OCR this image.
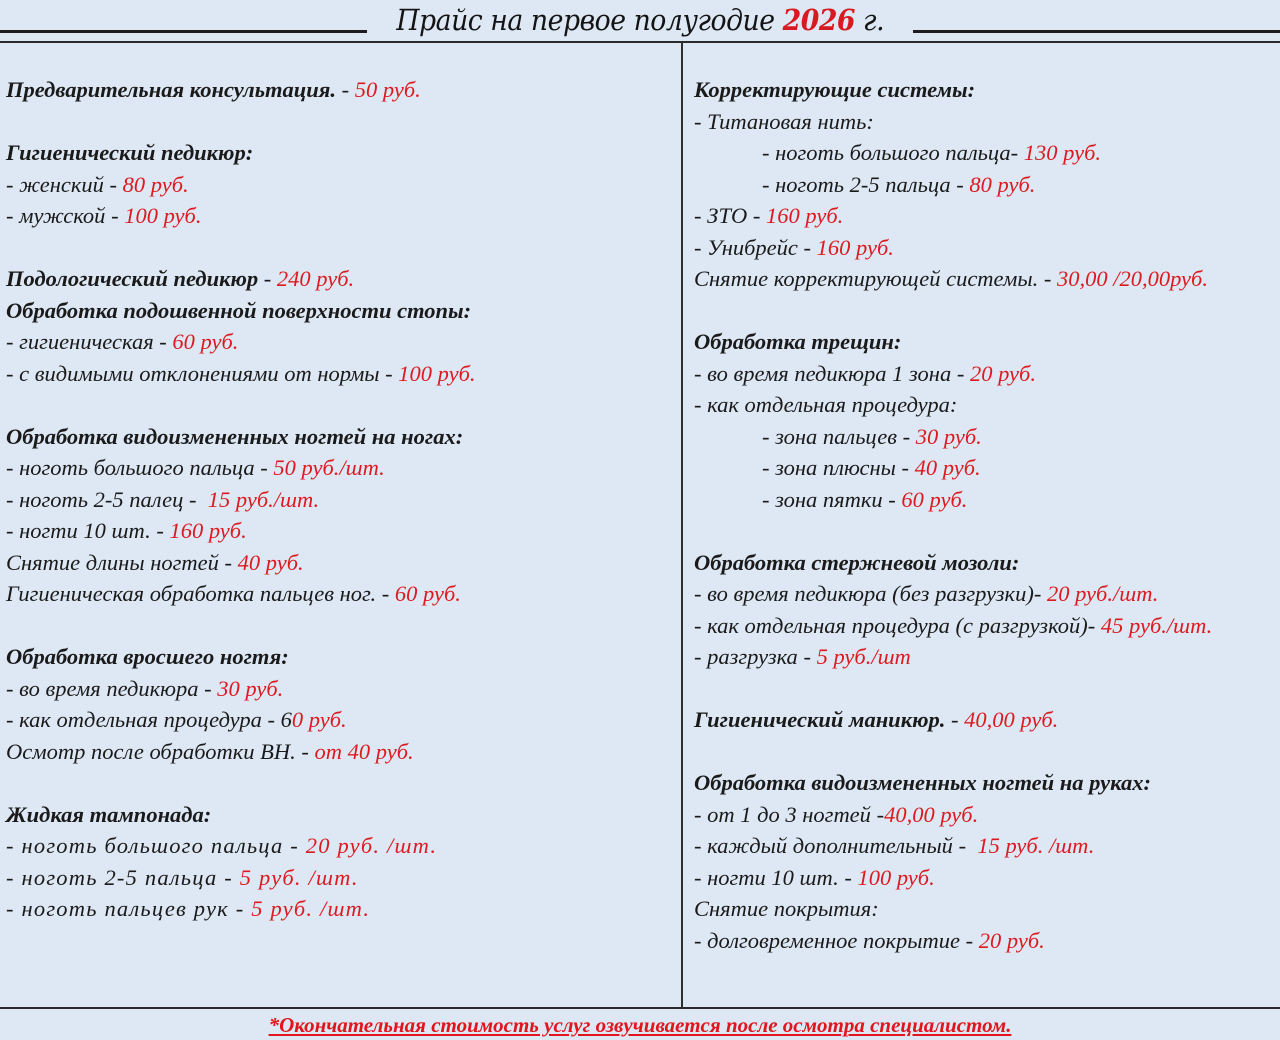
Прайс на первое полугодие 2026 г.
Предварительная консультация. - 50 руб.
Гигиенический педикюр:
- женский - 80 руб.
- мужской - 100 руб.
Подологический педикюр - 240 руб.
Обработка подошвенной поверхности стопы:
- гигиеническая - 60 руб.
- с видимыми отклонениями от нормы - 100 руб.
Обработка видоизмененных ногтей на ногах:
- ноготь большого пальца - 50 руб./шт.
- ноготь 2-5 палец -  15 руб./шт.
- ногти 10 шт. - 160 руб.
Снятие длины ногтей - 40 руб.
Гигиеническая обработка пальцев ног. - 60 руб.
Обработка вросшего ногтя:
- во время педикюра - 30 руб.
- как отдельная процедура - 60 руб.
Осмотр после обработки ВН. - от 40 руб.
Жидкая тампонада:
- ноготь большого пальца - 20 руб. /шт.
- ноготь 2-5 пальца - 5 руб. /шт.
- ноготь пальцев рук - 5 руб. /шт.
Корректирующие системы:
- Титановая нить:
- ноготь большого пальца- 130 руб.
- ноготь 2-5 пальца - 80 руб.
- ЗТО - 160 руб.
- Унибрейс - 160 руб.
Снятие корректирующей системы. - 30,00 /20,00руб.
Обработка трещин:
- во время педикюра 1 зона - 20 руб.
- как отдельная процедура:
- зона пальцев - 30 руб.
- зона плюсны - 40 руб.
- зона пятки - 60 руб.
Обработка стержневой мозоли:
- во время педикюра (без разгрузки)- 20 руб./шт.
- как отдельная процедура (с разгрузкой)- 45 руб./шт.
- разгрузка - 5 руб./шт
Гигиенический маникюр. - 40,00 руб.
Обработка видоизмененных ногтей на руках:
- от 1 до 3 ногтей -40,00 руб.
- каждый дополнительный -  15 руб. /шт.
- ногти 10 шт. - 100 руб.
Снятие покрытия:
- долговременное покрытие - 20 руб.
*Окончательная стоимость услуг озвучивается после осмотра специалистом.
